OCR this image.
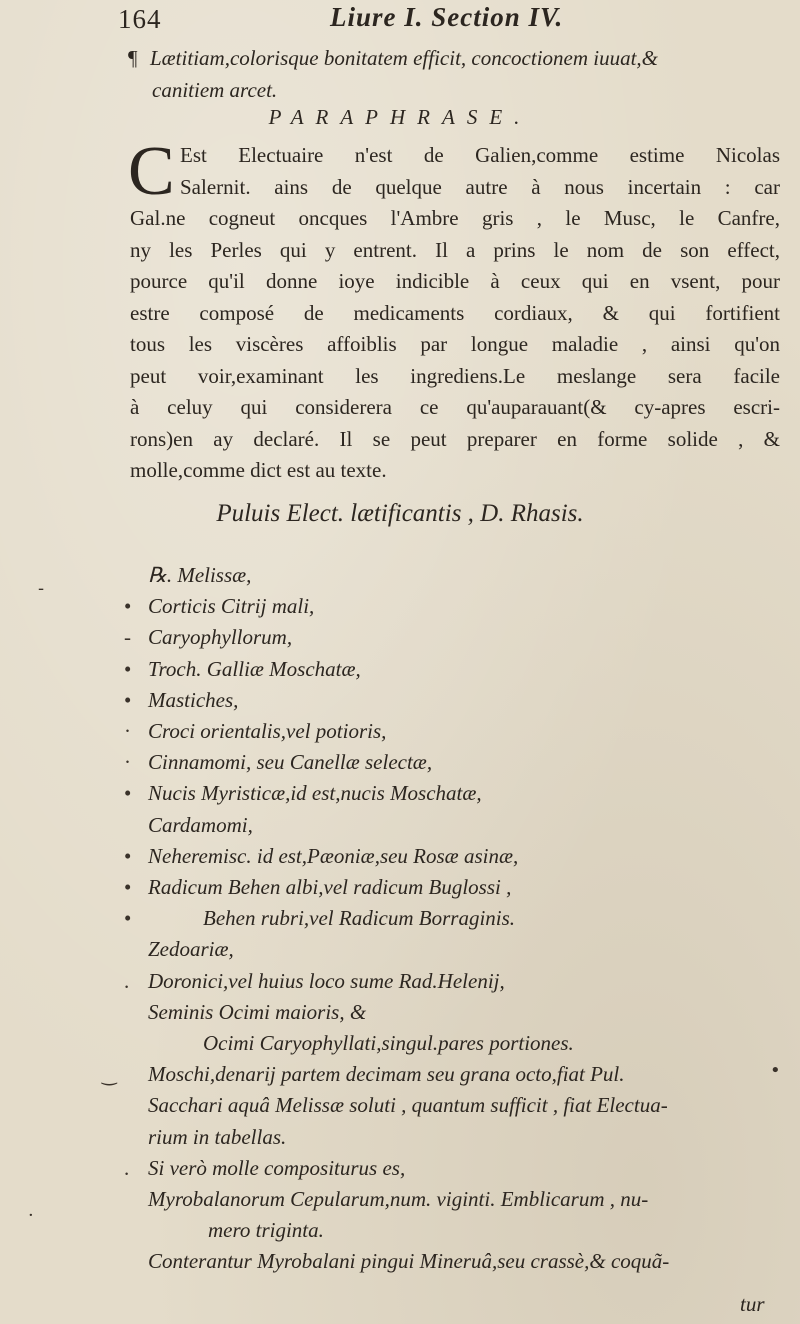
164	Liure I. Section IV.
¶ Lætitiam,colorisque bonitatem efficit, concoctionem iuuat,&
canitiem arcet.
PARAPHRASE.
C Est Electuaire n'est de Galien,comme estime Nicolas
Salernit. ains de quelque autre à nous incertain : car
Gal.ne cogneut oncques l'Ambre gris , le Musc, le Canfre,
ny les Perles qui y entrent. Il a prins le nom de son effect,
pource qu'il donne ioye indicible à ceux qui en vsent, pour
estre composé de medicaments cordiaux, & qui fortifient
tous les viscères affoiblis par longue maladie , ainsi qu'on
peut voir,examinant les ingrediens.Le meslange sera facile
à celuy qui considerera ce qu'auparauant(& cy-apres escri-
rons)en ay declaré. Il se peut preparer en forme solide , &
molle,comme dict est au texte.
Puluis Elect. lætificantis , D. Rhasis.
℞. Melissæ,
• Corticis Citrij mali,
- Caryophyllorum,
• Troch. Galliæ Moschatæ,
• Mastiches,
· Croci orientalis,vel potioris,
· Cinnamomi, seu Canellæ selectæ,
• Nucis Myristicæ,id est,nucis Moschatæ,
Cardamomi,
• Neheremisc. id est,Pæoniæ,seu Rosæ asinæ,
• Radicum Behen albi,vel radicum Buglossi ,
•	Behen rubri,vel Radicum Borraginis.
Zedoariæ,
. Doronici,vel huius loco sume Rad.Helenij,
Seminis Ocimi maioris, &
Ocimi Caryophyllati,singul.pares portiones.
Moschi,denarij partem decimam seu grana octo,fiat Pul.
Sacchari aquâ Melissæ soluti , quantum sufficit , fiat Electua-
rium in tabellas.
. Si verò molle compositurus es,
Myrobalanorum Cepularum,num. viginti. Emblicarum , nu-
mero triginta.
Conterantur Myrobalani pingui Mineruâ,seu crassè,& coquã-
tur
-
‿
·
•
